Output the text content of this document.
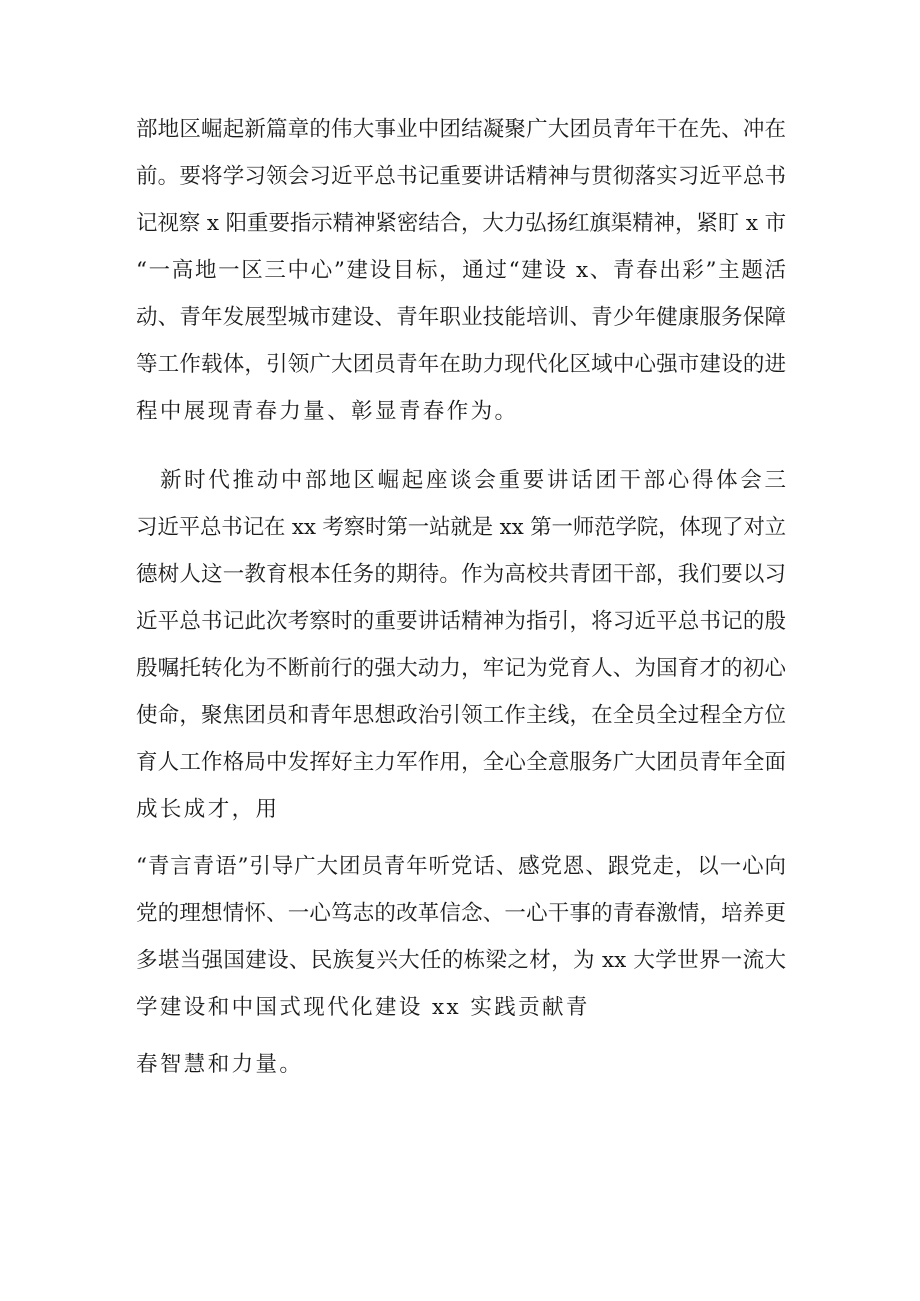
部地区崛起新篇章的伟大事业中团结凝聚广大团员青年干在先、冲在
前。要将学习领会习近平总书记重要讲话精神与贯彻落实习近平总书
记视察 x 阳重要指示精神紧密结合，大力弘扬红旗渠精神，紧盯 x 市
“一高地一区三中心”建设目标，通过“建设 x、青春出彩”主题活
动、青年发展型城市建设、青年职业技能培训、青少年健康服务保障
等工作载体，引领广大团员青年在助力现代化区域中心强市建设的进
程中展现青春力量、彰显青春作为。
新时代推动中部地区崛起座谈会重要讲话团干部心得体会三
习近平总书记在 xx 考察时第一站就是 xx 第一师范学院，体现了对立
德树人这一教育根本任务的期待。作为高校共青团干部，我们要以习
近平总书记此次考察时的重要讲话精神为指引，将习近平总书记的殷
殷嘱托转化为不断前行的强大动力，牢记为党育人、为国育才的初心
使命，聚焦团员和青年思想政治引领工作主线，在全员全过程全方位
育人工作格局中发挥好主力军作用，全心全意服务广大团员青年全面
成长成才，用
“青言青语”引导广大团员青年听党话、感党恩、跟党走，以一心向
党的理想情怀、一心笃志的改革信念、一心干事的青春激情，培养更
多堪当强国建设、民族复兴大任的栋梁之材，为 xx 大学世界一流大
学建设和中国式现代化建设 xx 实践贡献青
春智慧和力量。
